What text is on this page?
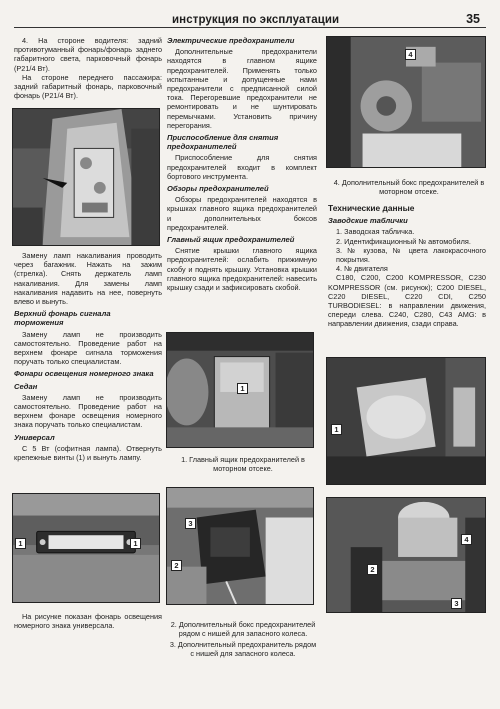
инструкция по эксплуатации	35

4. На стороне водителя: задний противотуманный фонарь/фонарь заднего габаритного света, парковочный фонарь (Р21/4 Вт).

На стороне переднего пассажира: задний габаритный фонарь, парковочный фонарь (Р21/4 Вт).

Замену ламп накаливания проводить через багажник. Нажать на зажим (стрелка). Снять держатель ламп накаливания. Для замены ламп накаливания надавить на нее, повернуть влево и вынуть.

Верхний фонарь сигнала торможения

Замену ламп не производить самостоятельно. Проведение работ на верхнем фонаре сигнала торможения поручать только специалистам.

Фонари освещения номерного знака
Седан

Замену ламп не производить самостоятельно. Проведение работ на верхнем фонаре освещения номерного знака поручать только специалистам.

Универсал

С 5 Вт (софитная лампа). Отвернуть крепежные винты (1) и вынуть лампу.

1	1

На рисунке показан фонарь освещения номерного знака универсала.

Электрические предохранители

Дополнительные предохранители находятся в главном ящике предохранителей. Применять только испытанные и допущенные нами предохранители с предписанной силой тока. Перегоревшие предохранители не ремонтировать и не шунтировать перемычками. Установить причину перегорания.

Приспособление для снятия предохранителей

Приспособление для снятия предохранителей входит в комплект бортового инструмента.

Обзоры предохранителей

Обзоры предохранителей находятся в крышках главного ящика предохранителей и дополнительных боксов предохранителей.

Главный ящик предохранителей

Снятие крышки главного ящика предохранителей: ослабить прижимную скобу и поднять крышку. Установка крышки главного ящика предохранителей: навесить крышку сзади и зафиксировать скобой.

1
1. Главный ящик предохранителей в моторном отсеке.
2
3
2. Дополнительный бокс предохранителей рядом с нишей для запасного колеса.
3. Дополнительный предохранитель рядом с нишей для запасного колеса.
4
4. Дополнительный бокс предохранителей в моторном отсеке.
Технические данные
Заводские таблички

1. Заводская табличка.

2. Идентификационный № автомобиля.

3. № кузова, № цвета лакокрасочного покрытия.

4. № двигателя

С180, С200, С200 KOMPRESSOR, С230 KOMPRESSOR (см. рисунок); С200 DIESEL, С220 DIESEL, С220 CDI, С250 TURBODIESEL: в направлении движения, спереди слева. С240, С280, С43 AMG: в направлении движения, сзади справа.

1
2
4
3
